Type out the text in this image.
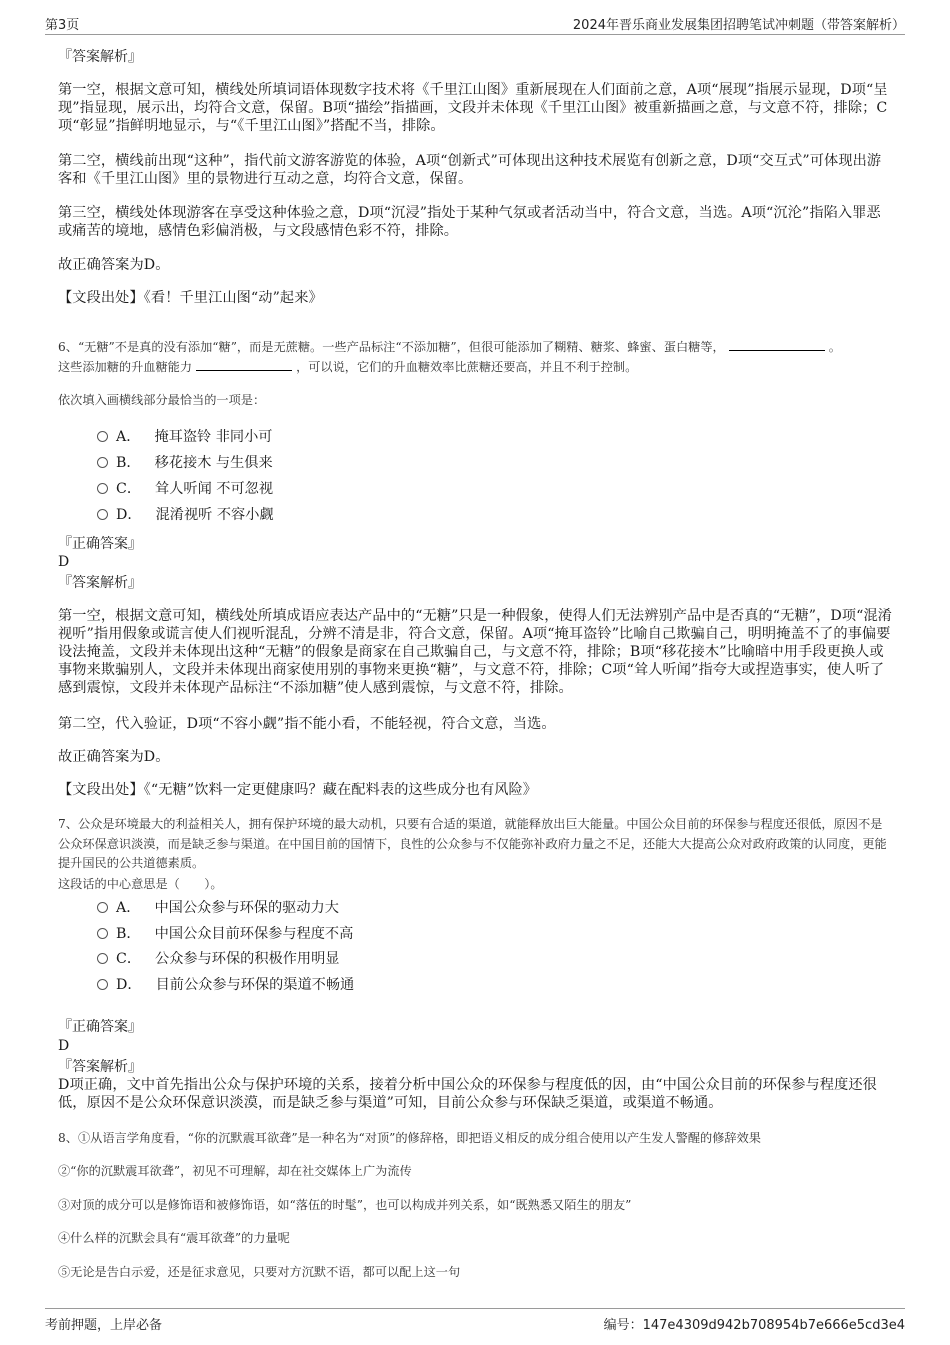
第3页	2024年晋乐商业发展集团招聘笔试冲刺题（带答案解析）
『答案解析』
第一空，根据文意可知，横线处所填词语体现数字技术将《千里江山图》重新展现在人们面前之意，A项“展现”指展示显现，D项“呈现”指显现，展示出，均符合文意，保留。B项“描绘”指描画，文段并未体现《千里江山图》被重新描画之意，与文意不符，排除；C项“彰显”指鲜明地显示，与“《千里江山图》”搭配不当，排除。
第二空，横线前出现“这种”，指代前文游客游览的体验，A项“创新式”可体现出这种技术展览有创新之意，D项“交互式”可体现出游客和《千里江山图》里的景物进行互动之意，均符合文意，保留。
第三空，横线处体现游客在享受这种体验之意，D项“沉浸”指处于某种气氛或者活动当中，符合文意，当选。A项“沉沦”指陷入罪恶或痛苦的境地，感情色彩偏消极，与文段感情色彩不符，排除。
故正确答案为D。
【文段出处】《看！千里江山图“动”起来》
6、“无糖”不是真的没有添加“糖”，而是无蔗糖。一些产品标注“不添加糖”，但很可能添加了糊精、糖浆、蜂蜜、蛋白糖等，	。
这些添加糖的升血糖能力	，可以说，它们的升血糖效率比蔗糖还要高，并且不利于控制。
依次填入画横线部分最恰当的一项是：
A． 掩耳盗铃 非同小可
B． 移花接木 与生俱来
C． 耸人听闻 不可忽视
D． 混淆视听 不容小觑
『正确答案』
D
『答案解析』
第一空，根据文意可知，横线处所填成语应表达产品中的“无糖”只是一种假象，使得人们无法辨别产品中是否真的“无糖”，D项“混淆视听”指用假象或谎言使人们视听混乱，分辨不清是非，符合文意，保留。A项“掩耳盗铃”比喻自己欺骗自己，明明掩盖不了的事偏要设法掩盖，文段并未体现出这种“无糖”的假象是商家在自己欺骗自己，与文意不符，排除；B项“移花接木”比喻暗中用手段更换人或事物来欺骗别人，文段并未体现出商家使用别的事物来更换“糖”，与文意不符，排除；C项“耸人听闻”指夸大或捏造事实，使人听了感到震惊，文段并未体现产品标注“不添加糖”使人感到震惊，与文意不符，排除。
第二空，代入验证，D项“不容小觑”指不能小看，不能轻视，符合文意，当选。
故正确答案为D。
【文段出处】《“无糖”饮料一定更健康吗？藏在配料表的这些成分也有风险》
7、公众是环境最大的利益相关人，拥有保护环境的最大动机，只要有合适的渠道，就能释放出巨大能量。中国公众目前的环保参与程度还很低，原因不是公众环保意识淡漠，而是缺乏参与渠道。在中国目前的国情下，良性的公众参与不仅能弥补政府力量之不足，还能大大提高公众对政府政策的认同度，更能提升国民的公共道德素质。
这段话的中心意思是（　　）。
A． 中国公众参与环保的驱动力大
B． 中国公众目前环保参与程度不高
C． 公众参与环保的积极作用明显
D． 目前公众参与环保的渠道不畅通
『正确答案』
D
『答案解析』
D项正确，文中首先指出公众与保护环境的关系，接着分析中国公众的环保参与程度低的因，由“中国公众目前的环保参与程度还很低，原因不是公众环保意识淡漠，而是缺乏参与渠道”可知，目前公众参与环保缺乏渠道，或渠道不畅通。
8、①从语言学角度看，“你的沉默震耳欲聋”是一种名为“对顶”的修辞格，即把语义相反的成分组合使用以产生发人警醒的修辞效果
②“你的沉默震耳欲聋”，初见不可理解，却在社交媒体上广为流传
③对顶的成分可以是修饰语和被修饰语，如“落伍的时髦”，也可以构成并列关系，如“既熟悉又陌生的朋友”
④什么样的沉默会具有“震耳欲聋”的力量呢
⑤无论是告白示爱，还是征求意见，只要对方沉默不语，都可以配上这一句
考前押题，上岸必备	编号：147e4309d942b708954b7e666e5cd3e4
